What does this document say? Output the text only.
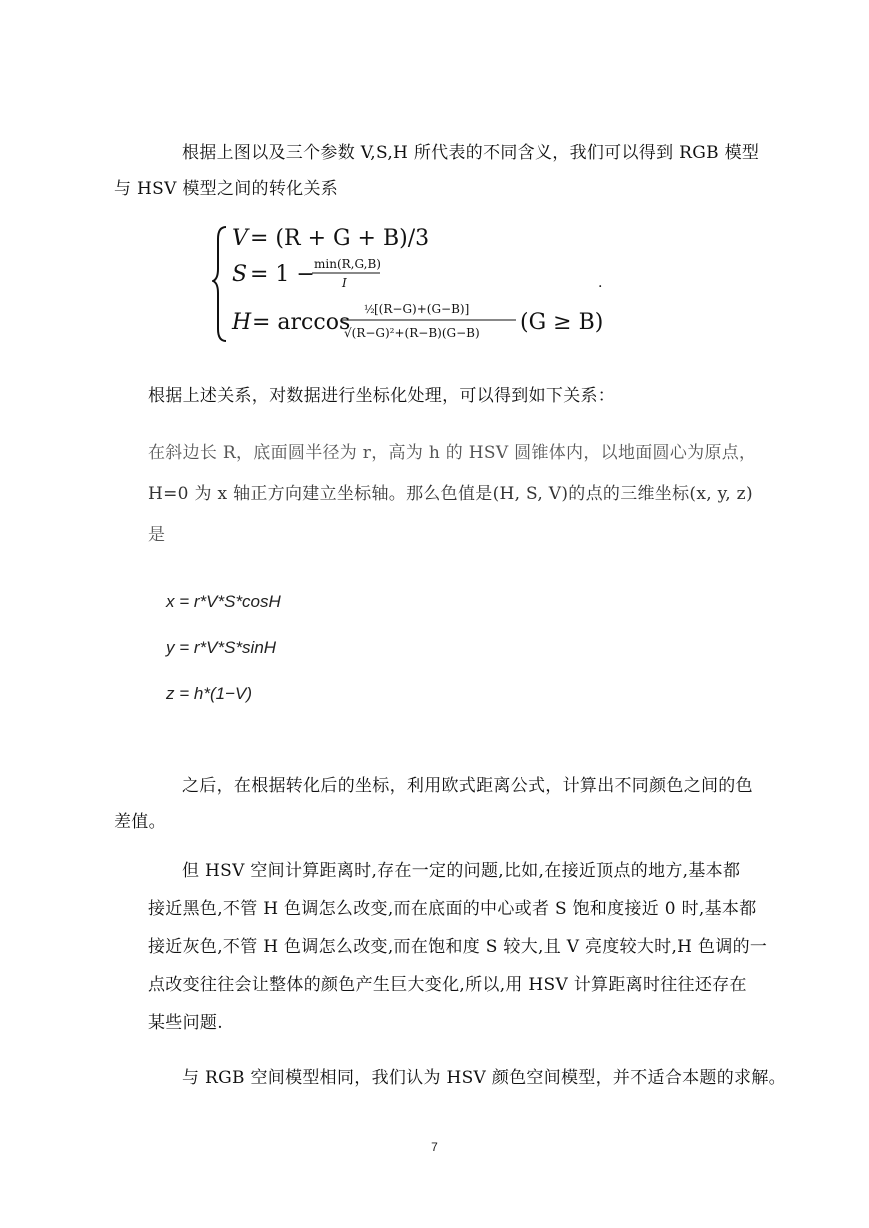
根据上图以及三个参数 V,S,H 所代表的不同含义，我们可以得到 RGB 模型
与 HSV 模型之间的转化关系
V = (R + G + B)/3
S = 1 − min(R,G,B)
I
H = arccos
½ [(R−G)+(G−B)]
√(R−G)²+(R−B)(G−B) (G ≥ B)
.
根据上述关系，对数据进行坐标化处理，可以得到如下关系：
在斜边长 R，底面圆半径为 r，高为 h 的 HSV 圆锥体内，以地面圆心为原点，
H=0 为 x 轴正方向建立坐标轴。那么色值是(H, S, V)的点的三维坐标(x, y, z)
是
x = r*V*S*cosH
y = r*V*S*sinH
z = h*(1−V)
之后，在根据转化后的坐标，利用欧式距离公式，计算出不同颜色之间的色
差值。
但 HSV 空间计算距离时,存在一定的问题,比如,在接近顶点的地方,基本都
接近黑色,不管 H 色调怎么改变,而在底面的中心或者 S 饱和度接近 0 时,基本都
接近灰色,不管 H 色调怎么改变,而在饱和度 S 较大,且 V 亮度较大时,H 色调的一
点改变往往会让整体的颜色产生巨大变化,所以,用 HSV 计算距离时往往还存在
某些问题.
与 RGB 空间模型相同，我们认为 HSV 颜色空间模型，并不适合本题的求解。
7
